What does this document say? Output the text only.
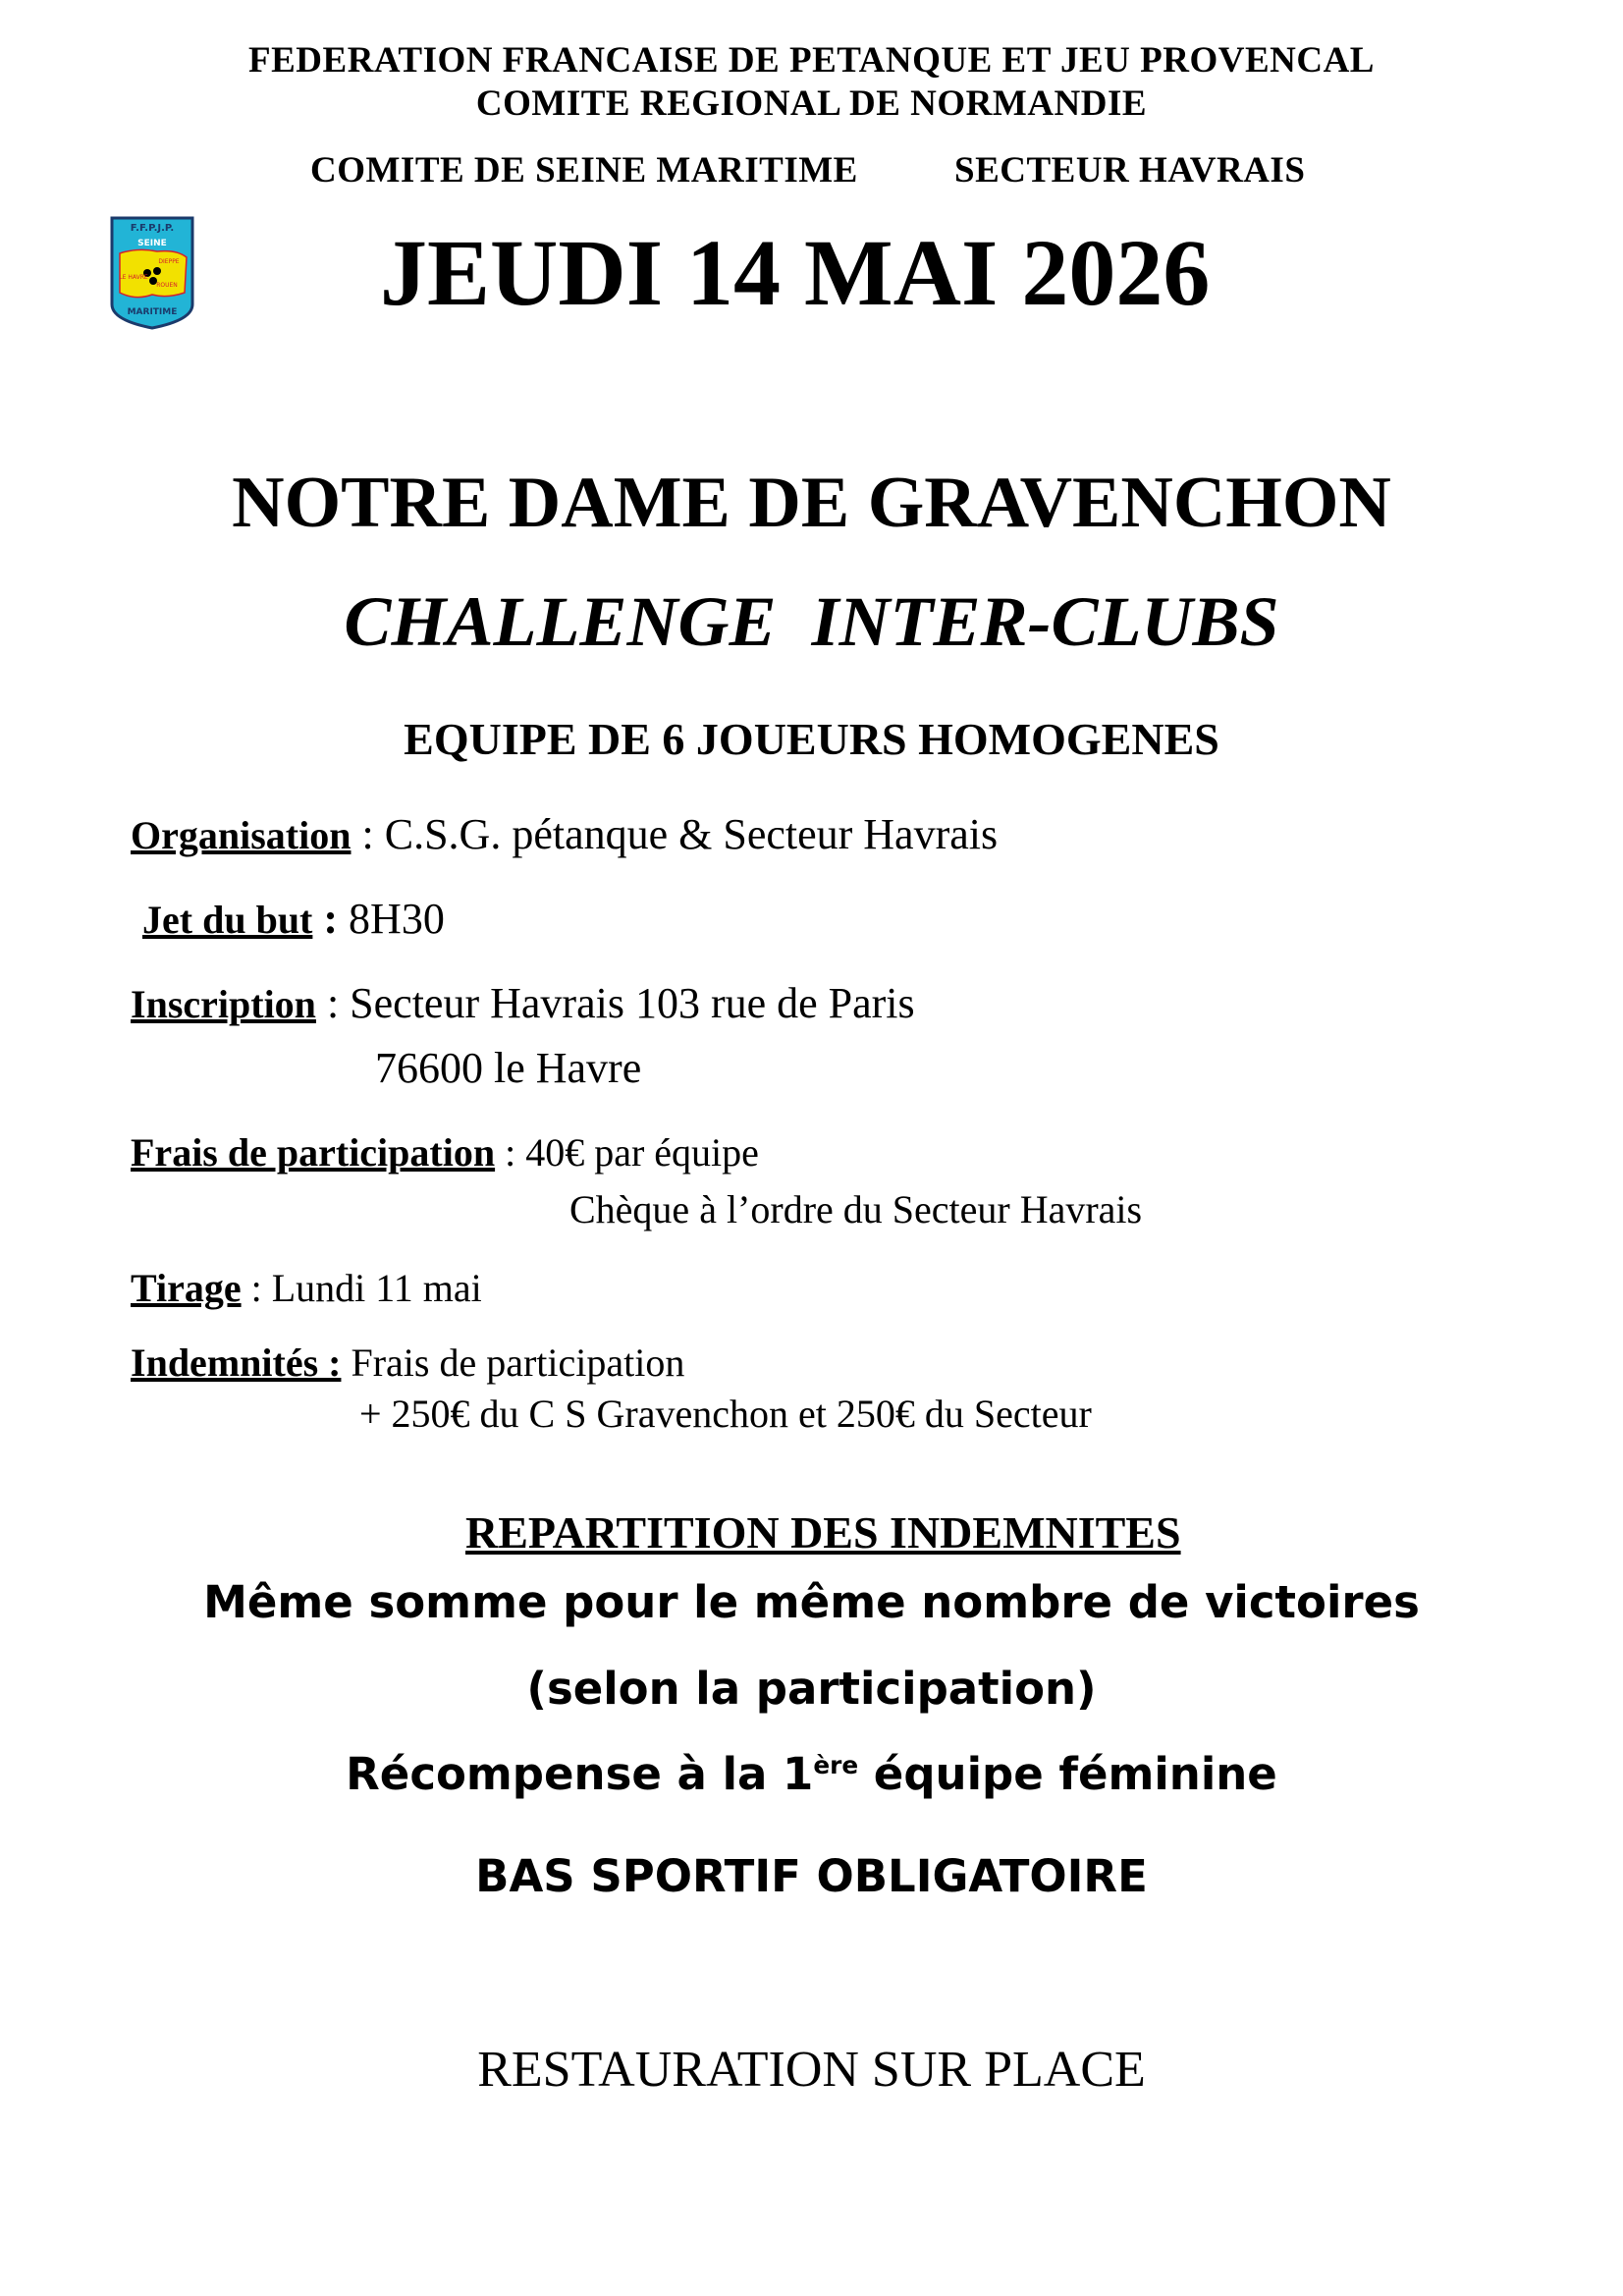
FEDERATION FRANCAISE DE PETANQUE ET JEU PROVENCAL
COMITE REGIONAL DE NORMANDIE
COMITE DE SEINE MARITIME	SECTEUR HAVRAIS
F.F.P.J.P.
SEINE
DIEPPE
LE HAVRE
ROUEN
MARITIME JEUDI 14 MAI 2026
NOTRE DAME DE GRAVENCHON
CHALLENGE  INTER-CLUBS
EQUIPE DE 6 JOUEURS HOMOGENES
Organisation : C.S.G. pétanque & Secteur Havrais
Jet du but : 8H30
Inscription : Secteur Havrais 103 rue de Paris
76600 le Havre
Frais de participation : 40€ par équipe
Chèque à l’ordre du Secteur Havrais
Tirage : Lundi 11 mai
Indemnités : Frais de participation
+ 250€ du C S Gravenchon et 250€ du Secteur
REPARTITION DES INDEMNITES
Même somme pour le même nombre de victoires
(selon la participation)
Récompense à la 1ère équipe féminine
BAS SPORTIF OBLIGATOIRE
RESTAURATION SUR PLACE
